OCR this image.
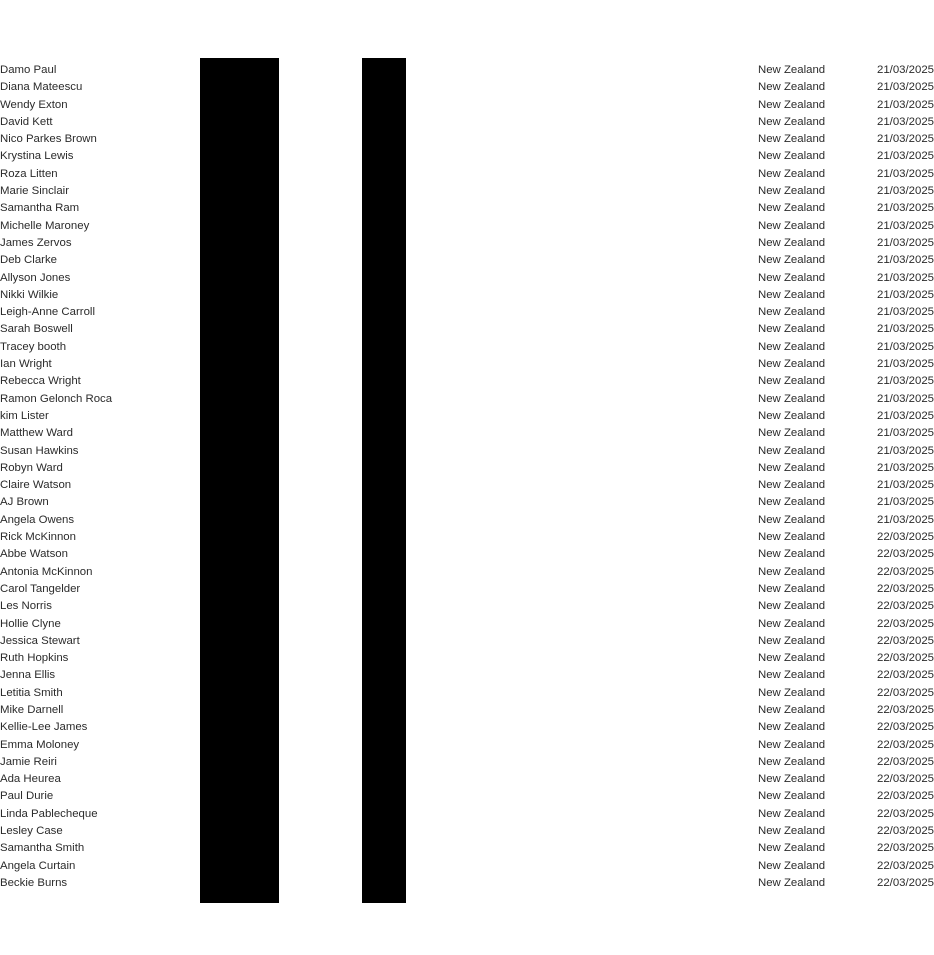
Damo Paul		New Zealand 21/03/2025

Diana Mateescu		New Zealand 21/03/2025

Wendy Exton		New Zealand 21/03/2025

David Kett		New Zealand 21/03/2025

Nico Parkes Brown		New Zealand 21/03/2025

Krystina Lewis		New Zealand 21/03/2025

Roza Litten		New Zealand 21/03/2025

Marie Sinclair		New Zealand 21/03/2025

Samantha Ram		New Zealand 21/03/2025

Michelle Maroney		New Zealand 21/03/2025

James Zervos		New Zealand 21/03/2025

Deb Clarke		New Zealand 21/03/2025

Allyson Jones		New Zealand 21/03/2025

Nikki Wilkie		New Zealand 21/03/2025

Leigh-Anne Carroll		New Zealand 21/03/2025

Sarah Boswell		New Zealand 21/03/2025

Tracey booth		New Zealand 21/03/2025

Ian Wright		New Zealand 21/03/2025

Rebecca Wright		New Zealand 21/03/2025

Ramon Gelonch Roca		New Zealand 21/03/2025

kim Lister		New Zealand 21/03/2025

Matthew Ward		New Zealand 21/03/2025

Susan Hawkins		New Zealand 21/03/2025

Robyn Ward		New Zealand 21/03/2025

Claire Watson		New Zealand 21/03/2025

AJ Brown		New Zealand 21/03/2025

Angela Owens		New Zealand 21/03/2025

Rick McKinnon		New Zealand 22/03/2025

Abbe Watson		New Zealand 22/03/2025

Antonia McKinnon		New Zealand 22/03/2025

Carol Tangelder		New Zealand 22/03/2025

Les Norris		New Zealand 22/03/2025

Hollie Clyne		New Zealand 22/03/2025

Jessica Stewart		New Zealand 22/03/2025

Ruth Hopkins		New Zealand 22/03/2025

Jenna Ellis		New Zealand 22/03/2025

Letitia Smith		New Zealand 22/03/2025

Mike Darnell		New Zealand 22/03/2025

Kellie-Lee James		New Zealand 22/03/2025

Emma Moloney		New Zealand 22/03/2025

Jamie Reiri		New Zealand 22/03/2025

Ada Heurea		New Zealand 22/03/2025

Paul Durie		New Zealand 22/03/2025

Linda Pablecheque		New Zealand 22/03/2025

Lesley Case		New Zealand 22/03/2025

Samantha Smith		New Zealand 22/03/2025

Angela Curtain		New Zealand 22/03/2025

Beckie Burns		New Zealand 22/03/2025
